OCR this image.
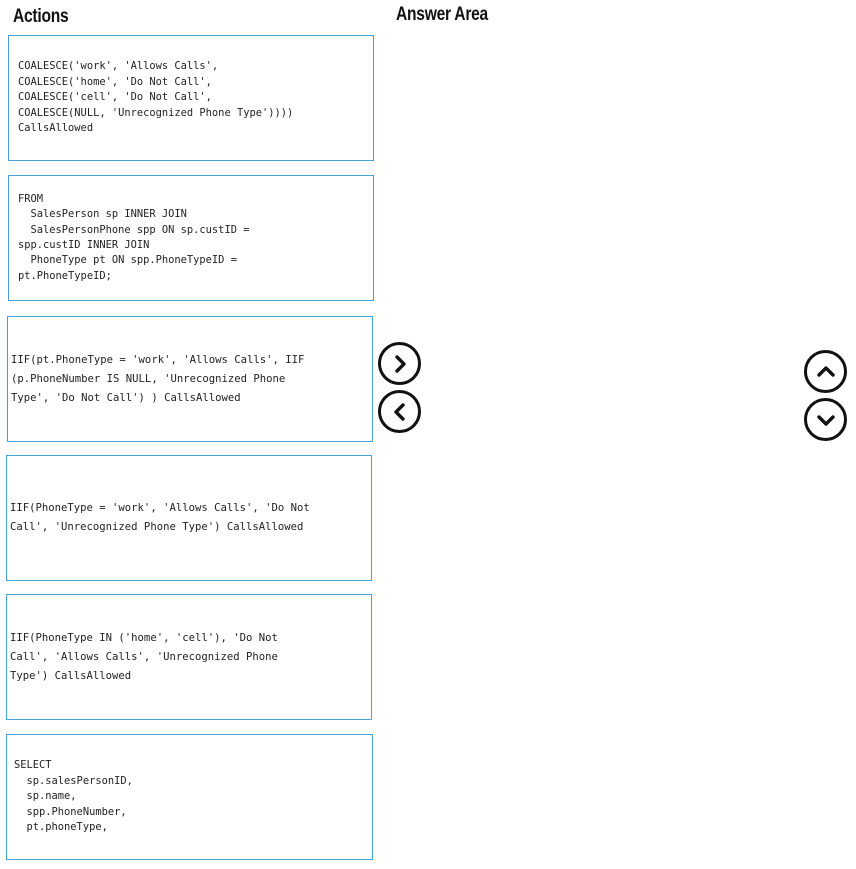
Actions	Answer Area
COALESCE('work', 'Allows Calls',
COALESCE('home', 'Do Not Call',
COALESCE('cell', 'Do Not Call',
COALESCE(NULL, 'Unrecognized Phone Type'))))
CallsAllowed
FROM
SalesPerson sp INNER JOIN
SalesPersonPhone spp ON sp.custID =
spp.custID INNER JOIN
PhoneType pt ON spp.PhoneTypeID =
pt.PhoneTypeID;
IIF(pt.PhoneType = 'work', 'Allows Calls', IIF
(p.PhoneNumber IS NULL, 'Unrecognized Phone
Type', 'Do Not Call') ) CallsAllowed
IIF(PhoneType = 'work', 'Allows Calls', 'Do Not
Call', 'Unrecognized Phone Type') CallsAllowed
IIF(PhoneType IN ('home', 'cell'), 'Do Not
Call', 'Allows Calls', 'Unrecognized Phone
Type') CallsAllowed
SELECT
sp.salesPersonID,
sp.name,
spp.PhoneNumber,
pt.phoneType,
